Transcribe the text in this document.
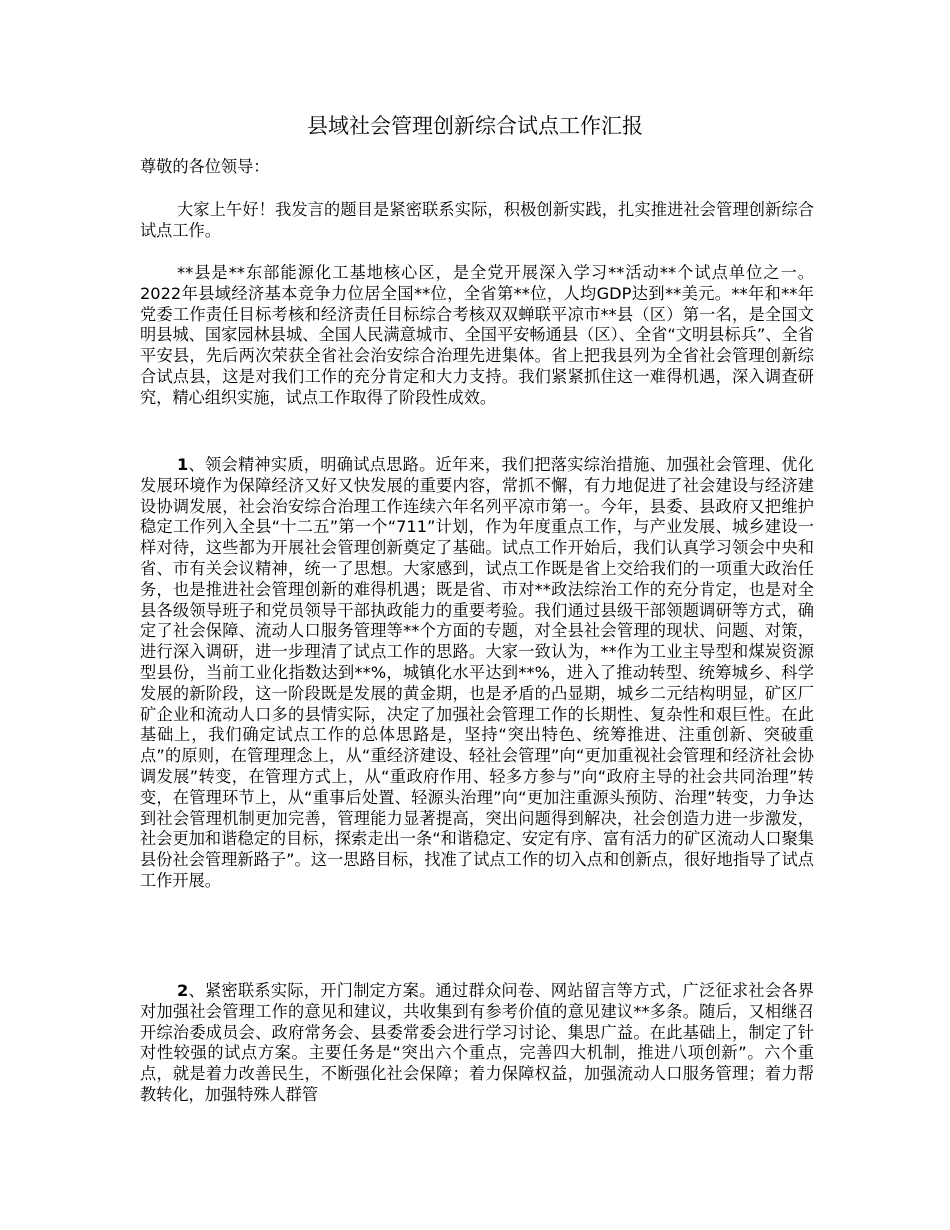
县域社会管理创新综合试点工作汇报

尊敬的各位领导：

大家上午好！我发言的题目是紧密联系实际，积极创新实践，扎实推进社会管理创新综合试点工作。

**县是**东部能源化工基地核心区，是全党开展深入学习**活动**个试点单位之一。2022年县域经济基本竞争力位居全国**位，全省第**位，人均GDP达到**美元。**年和**年党委工作责任目标考核和经济责任目标综合考核双双蝉联平凉市**县（区）第一名，是全国文明县城、国家园林县城、全国人民满意城市、全国平安畅通县（区）、全省“文明县标兵”、全省平安县，先后两次荣获全省社会治安综合治理先进集体。省上把我县列为全省社会管理创新综合试点县，这是对我们工作的充分肯定和大力支持。我们紧紧抓住这一难得机遇，深入调查研究，精心组织实施，试点工作取得了阶段性成效。

1、领会精神实质，明确试点思路。近年来，我们把落实综治措施、加强社会管理、优化发展环境作为保障经济又好又快发展的重要内容，常抓不懈，有力地促进了社会建设与经济建设协调发展，社会治安综合治理工作连续六年名列平凉市第一。今年，县委、县政府又把维护稳定工作列入全县“十二五”第一个“711”计划，作为年度重点工作，与产业发展、城乡建设一样对待，这些都为开展社会管理创新奠定了基础。试点工作开始后，我们认真学习领会中央和省、市有关会议精神，统一了思想。大家感到，试点工作既是省上交给我们的一项重大政治任务，也是推进社会管理创新的难得机遇；既是省、市对**政法综治工作的充分肯定，也是对全县各级领导班子和党员领导干部执政能力的重要考验。我们通过县级干部领题调研等方式，确定了社会保障、流动人口服务管理等**个方面的专题，对全县社会管理的现状、问题、对策，进行深入调研，进一步理清了试点工作的思路。大家一致认为，**作为工业主导型和煤炭资源型县份，当前工业化指数达到**%，城镇化水平达到**%，进入了推动转型、统筹城乡、科学发展的新阶段，这一阶段既是发展的黄金期，也是矛盾的凸显期，城乡二元结构明显，矿区厂矿企业和流动人口多的县情实际，决定了加强社会管理工作的长期性、复杂性和艰巨性。在此基础上，我们确定试点工作的总体思路是，坚持“突出特色、统筹推进、注重创新、突破重点”的原则，在管理理念上，从“重经济建设、轻社会管理”向“更加重视社会管理和经济社会协调发展”转变，在管理方式上，从“重政府作用、轻多方参与”向“政府主导的社会共同治理”转变，在管理环节上，从“重事后处置、轻源头治理”向“更加注重源头预防、治理”转变，力争达到社会管理机制更加完善，管理能力显著提高，突出问题得到解决，社会创造力进一步激发，社会更加和谐稳定的目标，探索走出一条“和谐稳定、安定有序、富有活力的矿区流动人口聚集县份社会管理新路子”。这一思路目标，找准了试点工作的切入点和创新点，很好地指导了试点工作开展。

2、紧密联系实际，开门制定方案。通过群众问卷、网站留言等方式，广泛征求社会各界对加强社会管理工作的意见和建议，共收集到有参考价值的意见建议**多条。随后，又相继召开综治委成员会、政府常务会、县委常委会进行学习讨论、集思广益。在此基础上，制定了针对性较强的试点方案。主要任务是“突出六个重点，完善四大机制，推进八项创新”。六个重点，就是着力改善民生，不断强化社会保障；着力保障权益，加强流动人口服务管理；着力帮教转化，加强特殊人群管
